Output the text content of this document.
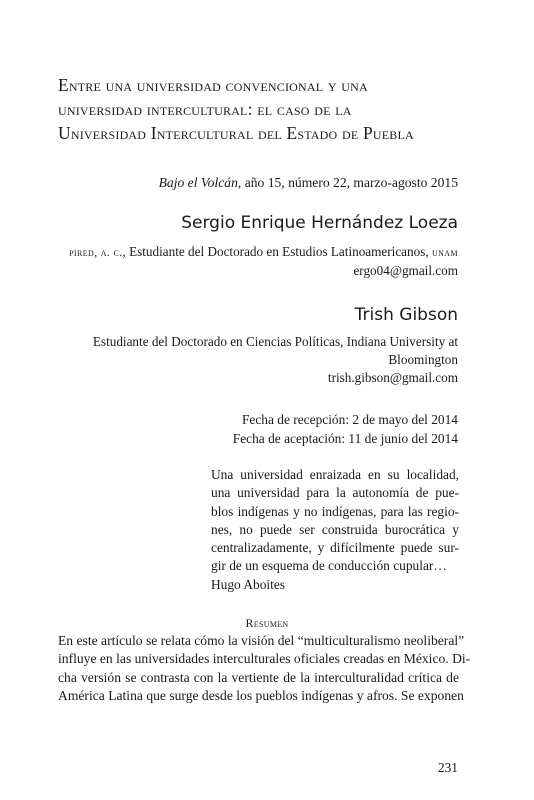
Entre una universidad convencional y una
universidad intercultural: el caso de la
Universidad Intercultural del Estado de Puebla
Bajo el Volcán, año 15, número 22, marzo-agosto 2015
Sergio Enrique Hernández Loeza
pired, a. c., Estudiante del Doctorado en Estudios Latinoamericanos, unam
ergo04@gmail.com
Trish Gibson
Estudiante del Doctorado en Ciencias Políticas, Indiana University at
Bloomington
trish.gibson@gmail.com
Fecha de recepción: 2 de mayo del 2014
Fecha de aceptación: 11 de junio del 2014
Una universidad enraizada en su localidad,
una universidad para la autonomía de pue-
blos indígenas y no indígenas, para las regio-
nes, no puede ser construida burocrática y
centralizadamente, y difícilmente puede sur-
gir de un esquema de conducción cupular…
Hugo Aboites
Resumen
En este artículo se relata cómo la visión del “multiculturalismo neoliberal”
influye en las universidades interculturales oficiales creadas en México. Di-
cha versión se contrasta con la vertiente de la interculturalidad crítica de
América Latina que surge desde los pueblos indígenas y afros. Se exponen
231
